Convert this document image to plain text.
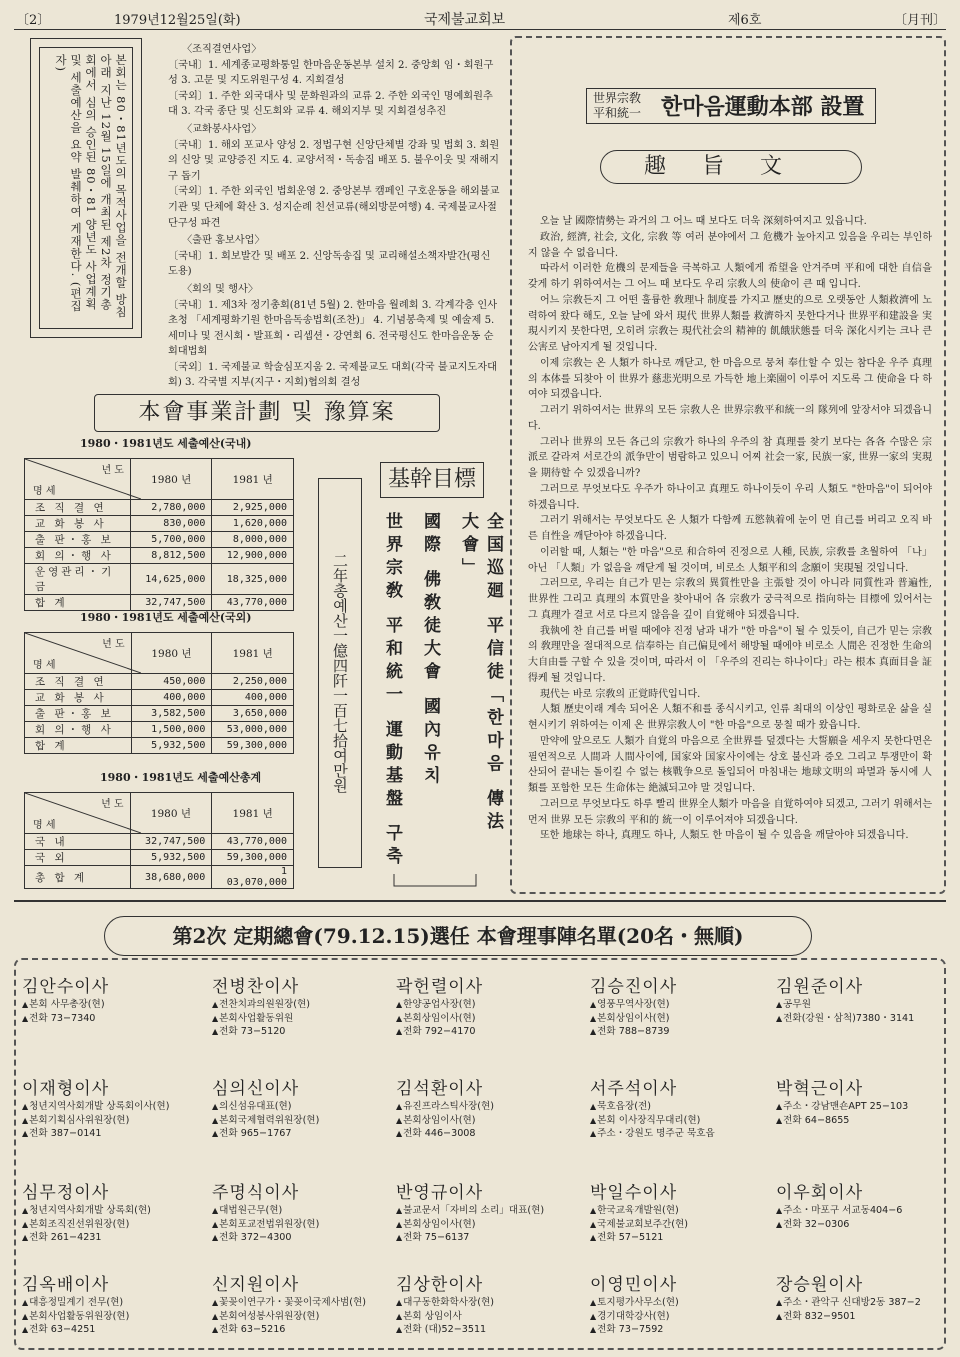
〔2〕	1979년12월25일(화)	국제불교회보	제6호	〔月刊〕
본회는 80・81년도의 목적사업을 전개할 방침아래 지난 12월 15일에 개최된 제2차 정기총회에서 심의 승인된 80・81 양년도 사업계획 및 세출예산을 요약 발췌하여 게재한다. (편집자)
〈조직결연사업〉
〔국내〕1. 세계종교평화통일 한마음운동본부 설치 2. 중앙회 임・회원구성 3. 고문 및 지도위원구성 4. 지회결성
〔국외〕1. 주한 외국대사 및 문화원과의 교류 2. 주한 외국인 명예회원추대 3. 각국 종단 및 신도회와 교류 4. 해외지부 및 지회결성추진
〈교화봉사사업〉
〔국내〕1. 해외 포교사 양성 2. 정법구현 신앙단체별 강좌 및 법회 3. 회원의 신앙 및 교양증진 지도 4. 교양서적・독송집 배포 5. 불우이웃 및 재해지구 돕기
〔국외〕1. 주한 외국인 법회운영 2. 중앙본부 캠페인 구호운동을 해외불교기관 및 단체에 확산 3. 성지순례 친선교류(해외방문여행) 4. 국제불교사절단구성 파견
〈출판 홍보사업〉
〔국내〕1. 회보발간 및 배포 2. 신앙독송집 및 교리해설소책자발간(평신도용)
〈회의 및 행사〉
〔국내〕1. 제3차 정기총회(81년 5월) 2. 한마음 월례회 3. 각계각층 인사초청 「세계평화기원 한마음독송법회(조찬)」 4. 기념봉축제 및 예술제 5. 세미나 및 전시회・발표회・리셉션・강연회 6. 전국평신도 한마음운동 순회대법회
〔국외〕1. 국제불교 학술심포지움 2. 국제불교도 대회(각국 불교지도자대회) 3. 각국별 지부(지구・지회)협의회 결성
本會事業計劃 및 豫算案
1980・1981년도 세출예산(국내)
년 도
명 세	1980 년	1981 년
조 직 결 연	2,780,000	2,925,000
교 화 봉 사	830,000	1,620,000
출 판・홍 보	5,700,000	8,000,000
회 의・행 사	8,812,500	12,900,000
운영관리・기금	14,625,000	18,325,000
합 계	32,747,500	43,770,000
1980・1981년도 세출예산(국외)
년 도
명 세	1980 년	1981 년
조 직 결 연	450,000	2,250,000
교 화 봉 사	400,000	400,000
출 판・홍 보	3,582,500	3,650,000
회 의・행 사	1,500,000	53,000,000
합 계	5,932,500	59,300,000
1980・1981년도 세출예산총계
년 도
명 세	1980 년	1981 년
국 내	32,747,500	43,770,000
국 외	5,932,500	59,300,000
총 합 계	38,680,000	1 03,070,000
二年총예산一億四阡一百七拾여만원
基幹目標
全国巡廻 平信徒「한마음 傳法大會」
國際 佛敎徒大會 國內유치
世界宗敎 平和統一 運動基盤 구축
世界宗敎
平和統一 한마음運動本部 設置
趣旨文

오늘 날 國際情勢는 과거의 그 어느 때 보다도 더욱 深刻하여지고 있읍니다.

政治, 經濟, 社会, 文化, 宗敎 等 여러 분야에서 그 危機가 높아지고 있음을 우리는 부인하지 않을 수 없읍니다.

따라서 이러한 危機의 문제들을 극복하고 人類에게 希望을 안겨주며 平和에 대한 自信을 갖게 하기 위하여서는 그 어느 때 보다도 우리 宗敎人의 使命이 큰 때 입니다.

어느 宗敎든지 그 어떤 훌륭한 敎理나 制度를 가지고 歷史的으로 오랫동안 人類救濟에 노력하여 왔다 해도, 오늘 날에 와서 現代 世界人類를 救濟하지 못한다거나 世界平和建設을 実現시키지 못한다면, 오히려 宗敎는 現代社会의 精神的 飢餓狀態를 더욱 深化시키는 크나 큰 公害로 남아지게 될 것입니다.

이제 宗敎는 온 人類가 하나로 깨닫고, 한 마음으로 뭉쳐 奉仕할 수 있는 참다운 우주 真理의 本体를 되찾아 이 世界가 慈悲光明으로 가득한 地上楽園이 이루어 지도록 그 使命을 다 하여야 되겠읍니다.

그러기 위하여서는 世界의 모든 宗敎人은 世界宗敎平和統一의 隊列에 앞장서야 되겠읍니다.

그러나 世界의 모든 各己의 宗敎가 하나의 우주의 참 真理를 찾기 보다는 各各 수많은 宗派로 갈라져 서로간의 派争만이 범람하고 있으니 어찌 社会一家, 民族一家, 世界一家의 実現을 期待할 수 있겠읍니까?

그러므로 무엇보다도 우주가 하나이고 真理도 하나이듯이 우리 人類도 "한마음"이 되어야 하겠읍니다.

그러기 위해서는 무엇보다도 온 人類가 다함께 五慾執着에 눈이 먼 自己를 버리고 오직 바른 自性을 깨닫아야 하겠읍니다.

이러할 때, 人類는 "한 마음"으로 和合하여 진정으로 人種, 民族, 宗敎를 초월하여 「나」아닌 「人類」가 없음을 깨닫게 될 것이며, 비로소 人類平和의 念願이 実現될 것입니다.

그러므로, 우리는 自己가 믿는 宗敎의 異質性만을 主張할 것이 아니라 同質性과 普遍性, 世界性 그리고 真理의 本質만을 찾아내어 各 宗敎가 궁극적으로 指向하는 目標에 있어서는 그 真理가 결코 서로 다르지 않음을 깊이 自覚해야 되겠읍니다.

我執에 찬 自己를 버릴 때에야 진정 남과 내가 "한 마음"이 될 수 있듯이, 自己가 믿는 宗敎의 敎理만을 절대적으로 信奉하는 自己偏見에서 해방될 때에야 비로소 人間은 진정한 生命의 大自由를 구할 수 있을 것이며, 따라서 이 「우주의 진리는 하나이다」라는 根本 真面目을 証得케 될 것입니다.

現代는 바로 宗敎의 正覚時代입니다.

人類 歷史이래 계속 되어온 人類不和를 종식시키고, 인류 최대의 이상인 평화로운 삶을 실현시키기 위하여는 이제 온 世界宗敎人이 "한 마음"으로 뭉칠 때가 왔읍니다.

만약에 앞으로도 人類가 自覚의 마음으로 全世界를 덮겠다는 大誓願을 세우지 못한다면은 필연적으로 人間과 人間사이에, 国家와 国家사이에는 상호 불신과 증오 그리고 투쟁만이 확산되어 끝내는 돌이킬 수 없는 核戰争으로 돌입되어 마침내는 地球文明의 파멸과 동시에 人類를 포함한 모든 生命体는 絶滅되고야 말 것입니다.

그러므로 무엇보다도 하루 빨리 世界全人類가 마음을 自覚하여야 되겠고, 그러기 위해서는 먼저 世界 모든 宗敎의 平和的 統一이 이루어져야 되겠읍니다.

또한 地球는 하나, 真理도 하나, 人類도 한 마음이 될 수 있음을 깨달아야 되겠읍니다.

第2次 定期總會(79.12.15)選任 本會理事陣名單(20名・無順)
김안수이사
▲ 본회 사무총장(현)
▲ 전화 73−7340
전병찬이사
▲ 전찬치과의원원장(현)
▲ 본회사업활동위원
▲ 전화 73−5120
곽헌렬이사
▲ 한양공업사장(현)
▲ 본회상임이사(현)
▲ 전화 792−4170
김승진이사
▲ 영풍무역사장(현)
▲ 본회상임이사(현)
▲ 전화 788−8739
김원준이사
▲ 공무원
▲ 전화(강원・삼척)7380・3141
이재형이사
▲ 청년지역사회개발 상록회이사(현)
▲ 본회기획심사위원장(현)
▲ 전화 387−0141
심의신이사
▲ 의신섬유대표(현)
▲ 본회국제협력위원장(현)
▲ 전화 965−1767
김석환이사
▲ 유진프라스틱사장(현)
▲ 본회상임이사(현)
▲ 전화 446−3008
서주석이사
▲ 묵호읍장(전)
▲ 본회 이사장직무대리(현)
▲ 주소・강원도 명주군 묵호읍
박혁근이사
▲ 주소・강남맨숀APT 25−103
▲ 전화 64−8655
심무정이사
▲ 청년지역사회개발 상록회(현)
▲ 본회조직진선위원장(현)
▲ 전화 261−4231
주명식이사
▲ 대법원근무(현)
▲ 본회포교전법위원장(현)
▲ 전화 372−4300
반영규이사
▲ 불교문서「자비의 소리」대표(현)
▲ 본회상임이사(현)
▲ 전화 75−6137
박일수이사
▲ 한국교육개발원(현)
▲ 국제불교회보주간(현)
▲ 전화 57−5121
이우회이사
▲ 주소・마포구 서교동404−6
▲ 전화 32−0306
김옥배이사
▲ 대흥정밀계기 전무(현)
▲ 본회사업활동위원장(현)
▲ 전화 63−4251
신지원이사
▲ 꽃꽂이연구가・꽃꽂이국제사범(현)
▲ 본회여성봉사위원장(현)
▲ 전화 63−5216
김상한이사
▲ 대구동한화학사장(현)
▲ 본회 상임이사
▲ 전화 (대)52−3511
이영민이사
▲ 토지평가사무소(현)
▲ 경기대학강사(현)
▲ 전화 73−7592
장승원이사
▲ 주소・관악구 신대방2동 387−2
▲ 전화 832−9501
